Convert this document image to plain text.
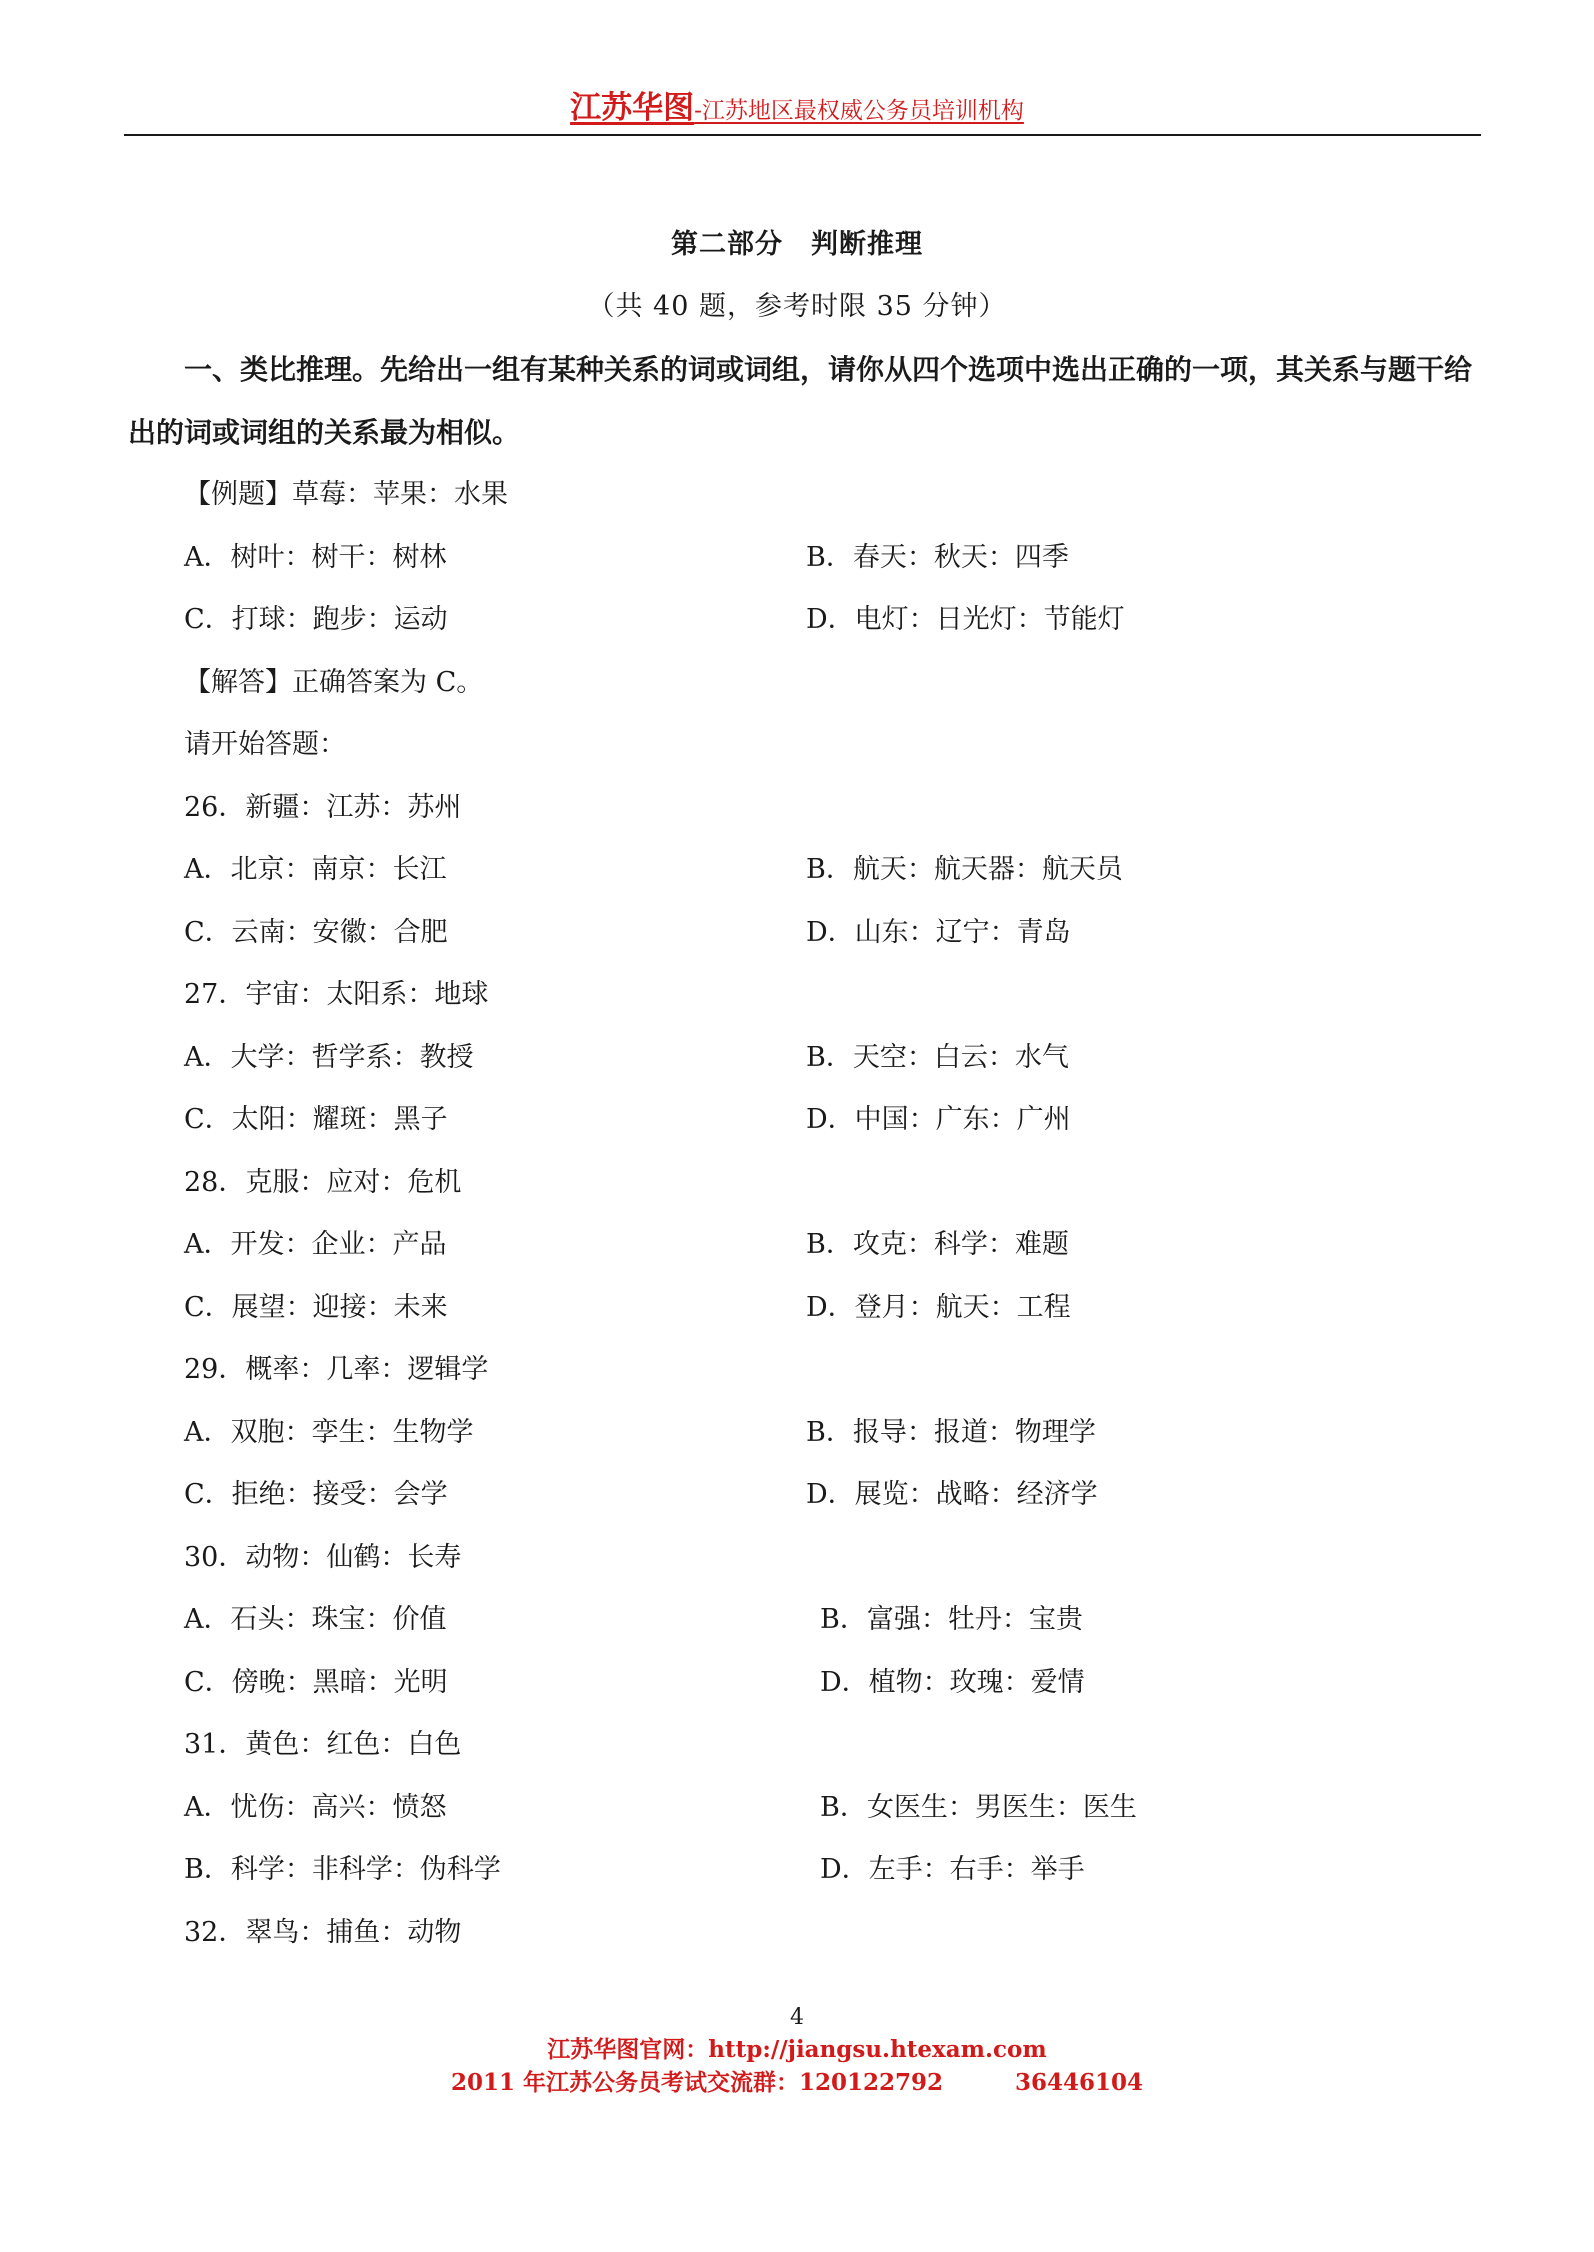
江苏华图-江苏地区最权威公务员培训机构
第二部分　判断推理
（共 40 题，参考时限 35 分钟）
一、类比推理。先给出一组有某种关系的词或词组，请你从四个选项中选出正确的一项，其关系与题干给
出的词或词组的关系最为相似。
【例题】草莓：苹果：水果
A．树叶：树干：树林	B．春天：秋天：四季
C．打球：跑步：运动	D．电灯：日光灯：节能灯
【解答】正确答案为 C。
请开始答题：
26．新疆：江苏：苏州
A．北京：南京：长江	B．航天：航天器：航天员
C．云南：安徽：合肥	D．山东：辽宁：青岛
27．宇宙：太阳系：地球
A．大学：哲学系：教授	B．天空：白云：水气
C．太阳：耀斑：黑子	D．中国：广东：广州
28．克服：应对：危机
A．开发：企业：产品	B．攻克：科学：难题
C．展望：迎接：未来	D．登月：航天：工程
29．概率：几率：逻辑学
A．双胞：孪生：生物学	B．报导：报道：物理学
C．拒绝：接受：会学	D．展览：战略：经济学
30．动物：仙鹤：长寿
A．石头：珠宝：价值	B．富强：牡丹：宝贵
C．傍晚：黑暗：光明	D．植物：玫瑰：爱情
31．黄色：红色：白色
A．忧伤：高兴：愤怒	B．女医生：男医生：医生
B．科学：非科学：伪科学	D．左手：右手：举手
32．翠鸟：捕鱼：动物
4
江苏华图官网：http://jiangsu.htexam.com
2011 年江苏公务员考试交流群：120122792	36446104
